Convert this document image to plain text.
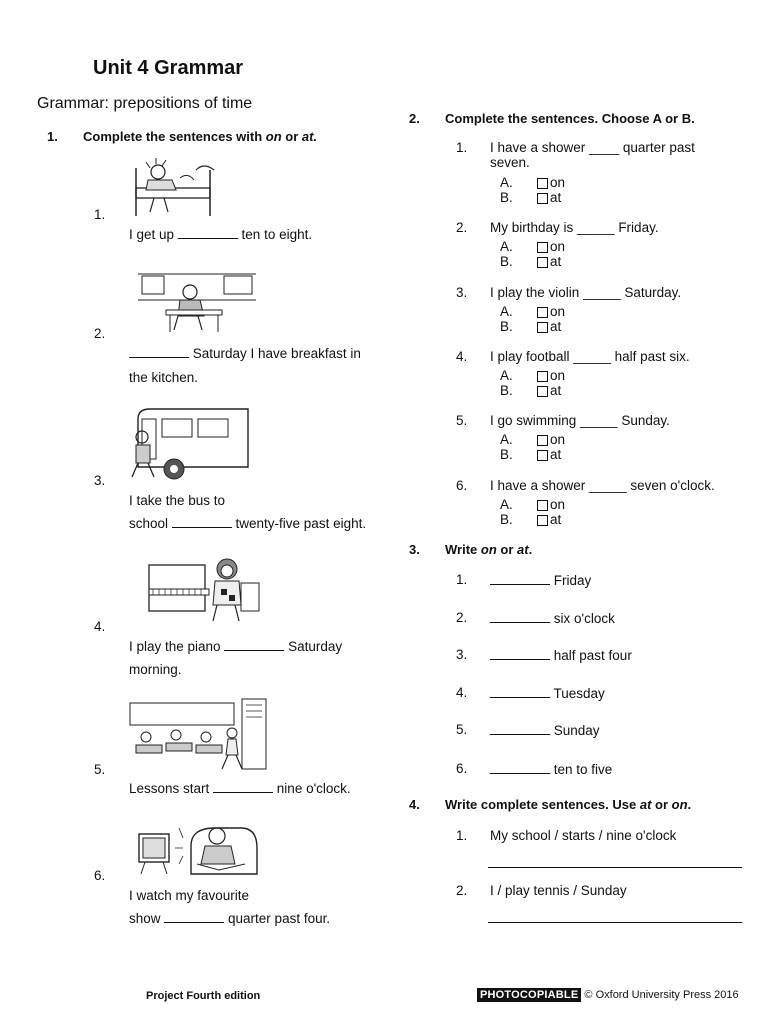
Unit 4 Grammar
Grammar: prepositions of time
1. Complete the sentences with on or at.
1.
I get up	ten to eight.
2.
Saturday I have breakfast in
the kitchen.
3.
I take the bus to
school	twenty-five past eight.
4.
I play the piano	Saturday
morning.
5.
Lessons start	nine o'clock.
6.
I watch my favourite
show	quarter past four.
2. Complete the sentences. Choose A or B.
1. I have a shower ____ quarter past
seven.
A.	on
B.	at
2. My birthday is _____ Friday.
A.	on
B.	at
3. I play the violin _____ Saturday.
A.	on
B.	at
4. I play football _____ half past six.
A.	on
B.	at
5. I go swimming _____ Sunday.
A.	on
B.	at
6. I have a shower _____ seven o'clock.
A.	on
B.	at
3. Write on or at.
1.	Friday
2.	six o'clock
3.	half past four
4.	Tuesday
5.	Sunday
6.	ten to five
4. Write complete sentences. Use at or on.
1. My school / starts / nine o'clock
2. I / play tennis / Sunday
Project Fourth edition	PHOTOCOPIABLE © Oxford University Press 2016
